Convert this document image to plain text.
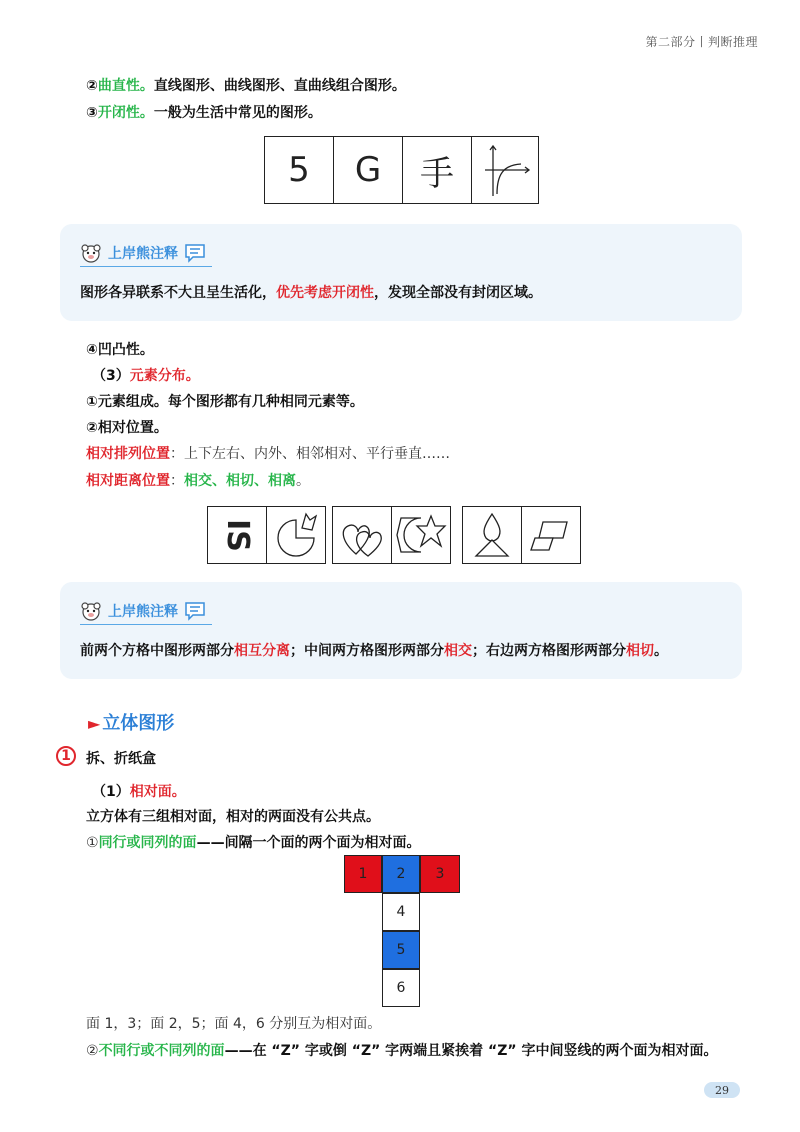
第二部分丨判断推理
②曲直性。直线图形、曲线图形、直曲线组合图形。
③开闭性。一般为生活中常见的图形。
5 G 手
上岸熊注释
图形各异联系不大且呈生活化，优先考虑开闭性，发现全部没有封闭区域。
④凹凸性。
（3）元素分布。
①元素组成。每个图形都有几种相同元素等。
②相对位置。
相对排列位置：上下左右、内外、相邻相对、平行垂直……
相对距离位置：相交、相切、相离。
IS
上岸熊注释
前两个方格中图形两部分相互分离；中间两方格图形两部分相交；右边两方格图形两部分相切。
► 立体图形
1	拆、折纸盒
（1）相对面。
立方体有三组相对面，相对的两面没有公共点。
①同行或同列的面——间隔一个面的两个面为相对面。
1	2	3
4
5
6
面 1，3；面 2，5；面 4，6 分别互为相对面。
②不同行或不同列的面——在 “Z” 字或倒 “Z” 字两端且紧挨着 “Z” 字中间竖线的两个面为相对面。
29
